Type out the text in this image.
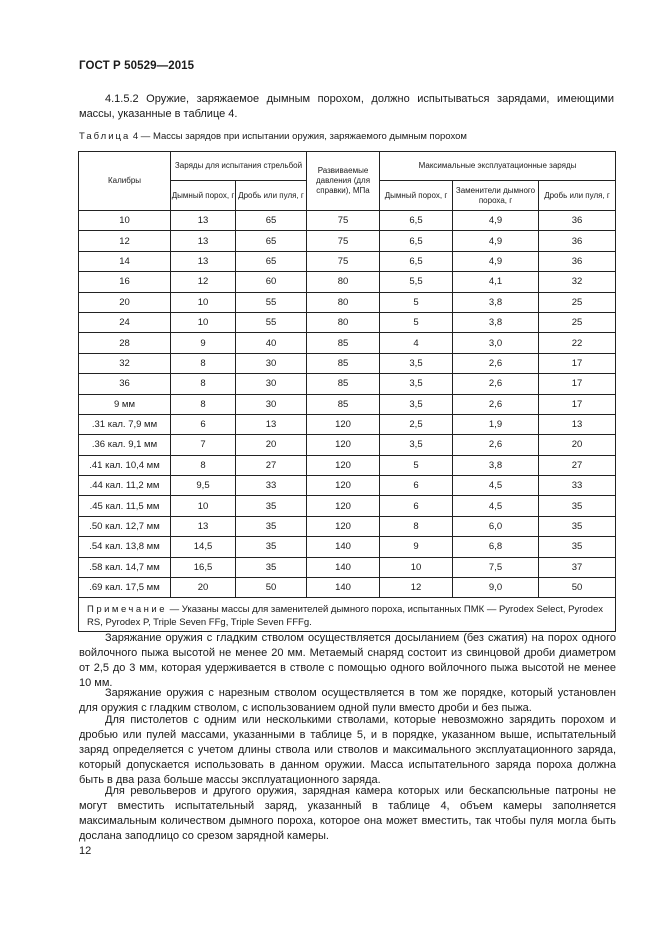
ГОСТ Р 50529—2015
4.1.5.2 Оружие, заряжаемое дымным порохом, должно испытываться зарядами, имеющими массы, указанные в таблице 4.
Таблица 4 — Массы зарядов при испытании оружия, заряжаемого дымным порохом
Калибры	Заряды для испытания стрельбой		Развиваемые давления (для справки), МПа	Максимальные эксплуатационные заряды		
	Дымный порох, г	Дробь или пуля, г		Дымный порох, г	Заменители дымного пороха, г	Дробь или пуля, г
10	13	65	75	6,5	4,9	36
12	13	65	75	6,5	4,9	36
14	13	65	75	6,5	4,9	36
16	12	60	80	5,5	4,1	32
20	10	55	80	5	3,8	25
24	10	55	80	5	3,8	25
28	9	40	85	4	3,0	22
32	8	30	85	3,5	2,6	17
36	8	30	85	3,5	2,6	17
9 мм	8	30	85	3,5	2,6	17
.31 кал. 7,9 мм	6	13	120	2,5	1,9	13
.36 кал. 9,1 мм	7	20	120	3,5	2,6	20
.41 кал. 10,4 мм	8	27	120	5	3,8	27
.44 кал. 11,2 мм	9,5	33	120	6	4,5	33
.45 кал. 11,5 мм	10	35	120	6	4,5	35
.50 кал. 12,7 мм	13	35	120	8	6,0	35
.54 кал. 13,8 мм	14,5	35	140	9	6,8	35
.58 кал. 14,7 мм	16,5	35	140	10	7,5	37
.69 кал. 17,5 мм	20	50	140	12	9,0	50
Примечание — Указаны массы для заменителей дымного пороха, испытанных ПМК — Pyrodex Select, Pyrodex RS, Pyrodex P, Triple Seven FFg, Triple Seven FFFg.						
Заряжание оружия с гладким стволом осуществляется досыланием (без сжатия) на порох одного войлочного пыжа высотой не менее 20 мм. Метаемый снаряд состоит из свинцовой дроби диаметром от 2,5 до 3 мм, которая удерживается в стволе с помощью одного войлочного пыжа высотой не менее 10 мм.
Заряжание оружия с нарезным стволом осуществляется в том же порядке, который установлен для оружия с гладким стволом, с использованием одной пули вместо дроби и без пыжа.
Для пистолетов с одним или несколькими стволами, которые невозможно зарядить порохом и дробью или пулей массами, указанными в таблице 5, и в порядке, указанном выше, испытательный заряд определяется с учетом длины ствола или стволов и максимального эксплуатационного заряда, который допускается использовать в данном оружии. Масса испытательного заряда пороха должна быть в два раза больше массы эксплуатационного заряда.
Для револьверов и другого оружия, зарядная камера которых или бескапсюльные патроны не могут вместить испытательный заряд, указанный в таблице 4, объем камеры заполняется максимальным количеством дымного пороха, которое она может вместить, так чтобы пуля могла быть дослана заподлицо со срезом зарядной камеры.
12
